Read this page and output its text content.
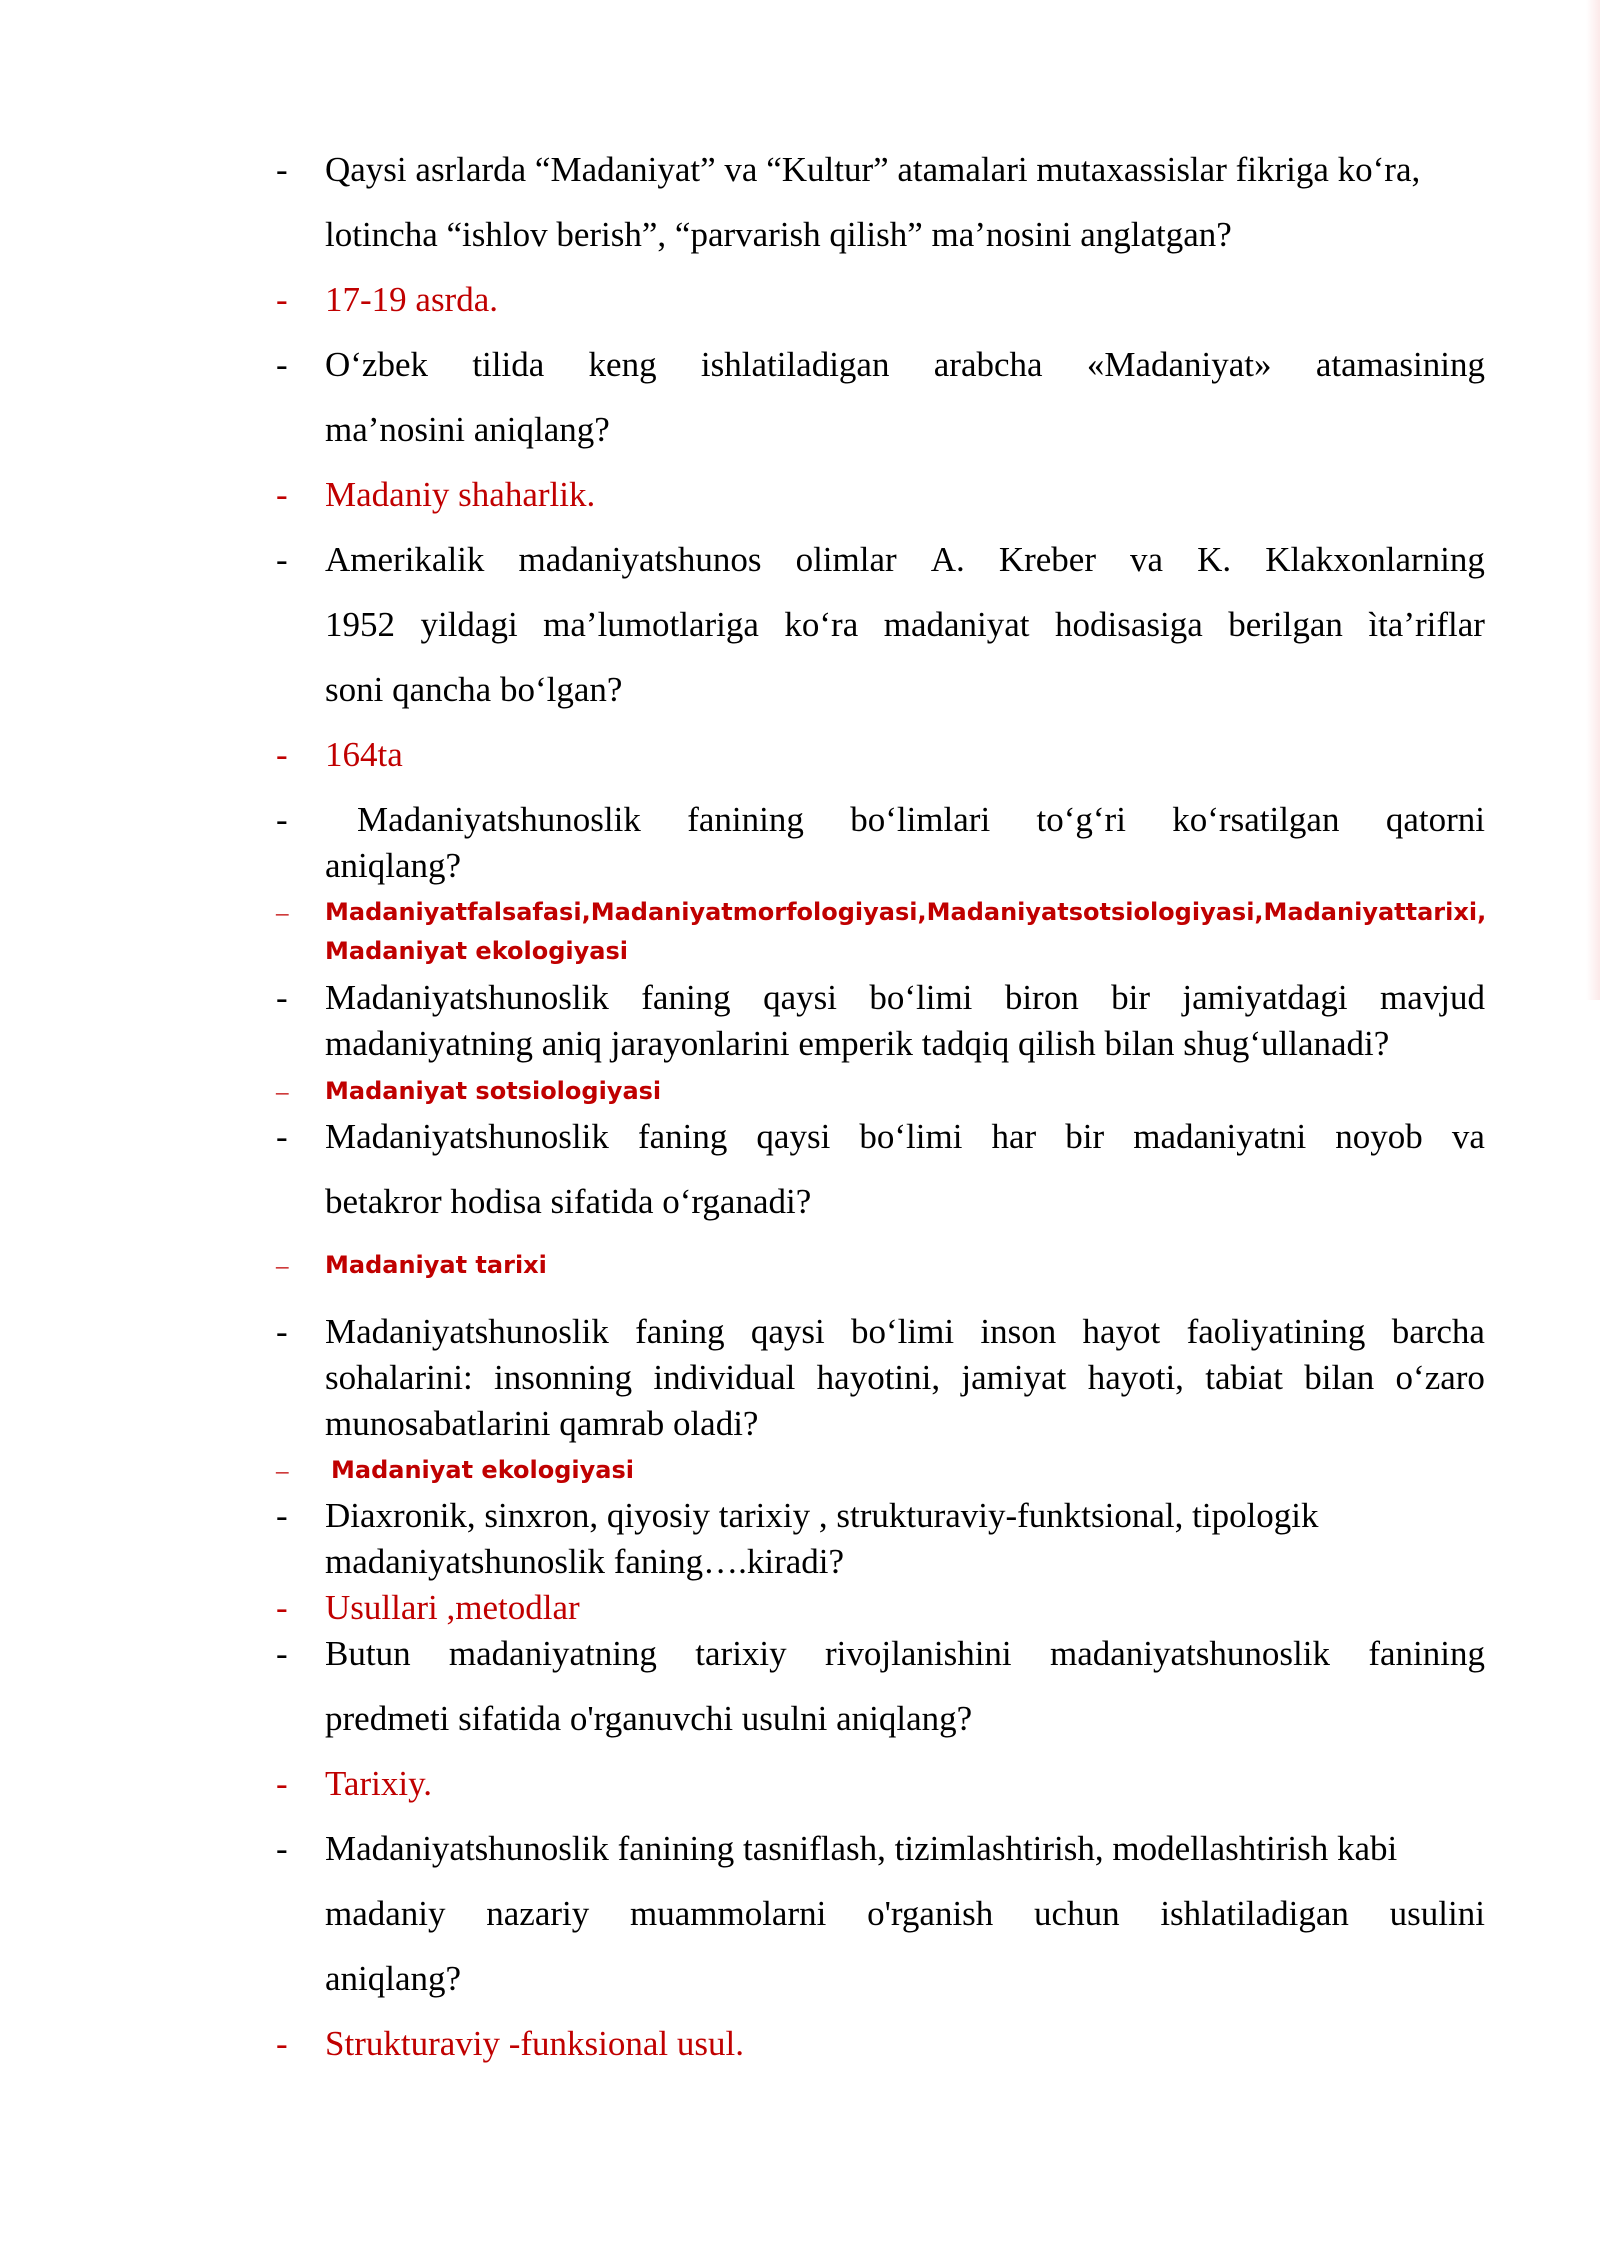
- Qaysi asrlarda “Madaniyat” va “Kultur” atamalari mutaxassislar fikriga ko‘ra,
lotincha “ishlov berish”, “parvarish qilish” ma’nosini anglatgan?
- 17-19 asrda.
- O‘zbek tilida keng ishlatiladigan arabcha «Madaniyat» atamasining
ma’nosini aniqlang?
- Madaniy shaharlik.
- Amerikalik madaniyatshunos olimlar A. Kreber va K. Klakxonlarning
1952 yildagi ma’lumotlariga ko‘ra madaniyat hodisasiga berilgan ìta’riflar
soni qancha bo‘lgan?
- 164ta
- Madaniyatshunoslik fanining bo‘limlari to‘g‘ri ko‘rsatilgan qatorni
aniqlang?
– Madaniyat falsafasi, Madaniyat morfologiyasi, Madaniyat sotsiologiyasi, Madaniyat tarixi,
Madaniyat ekologiyasi
- Madaniyatshunoslik faning qaysi bo‘limi biron bir jamiyatdagi mavjud
madaniyatning aniq jarayonlarini emperik tadqiq qilish bilan shug‘ullanadi?
– Madaniyat sotsiologiyasi
- Madaniyatshunoslik faning qaysi bo‘limi har bir madaniyatni noyob va
betakror hodisa sifatida o‘rganadi?
– Madaniyat tarixi
- Madaniyatshunoslik faning qaysi bo‘limi inson hayot faoliyatining barcha
sohalarini: insonning individual hayotini, jamiyat hayoti, tabiat bilan o‘zaro
munosabatlarini qamrab oladi?
– Madaniyat ekologiyasi
- Diaxronik, sinxron, qiyosiy tarixiy , strukturaviy-funktsional, tipologik
madaniyatshunoslik faning….kiradi?
- Usullari ,metodlar
- Butun madaniyatning tarixiy rivojlanishini madaniyatshunoslik fanining
predmeti sifatida o'rganuvchi usulni aniqlang?
- Tarixiy.
- Madaniyatshunoslik fanining tasniflash, tizimlashtirish, modellashtirish kabi
madaniy nazariy muammolarni o'rganish uchun ishlatiladigan usulini
aniqlang?
- Strukturaviy -funksional usul.
